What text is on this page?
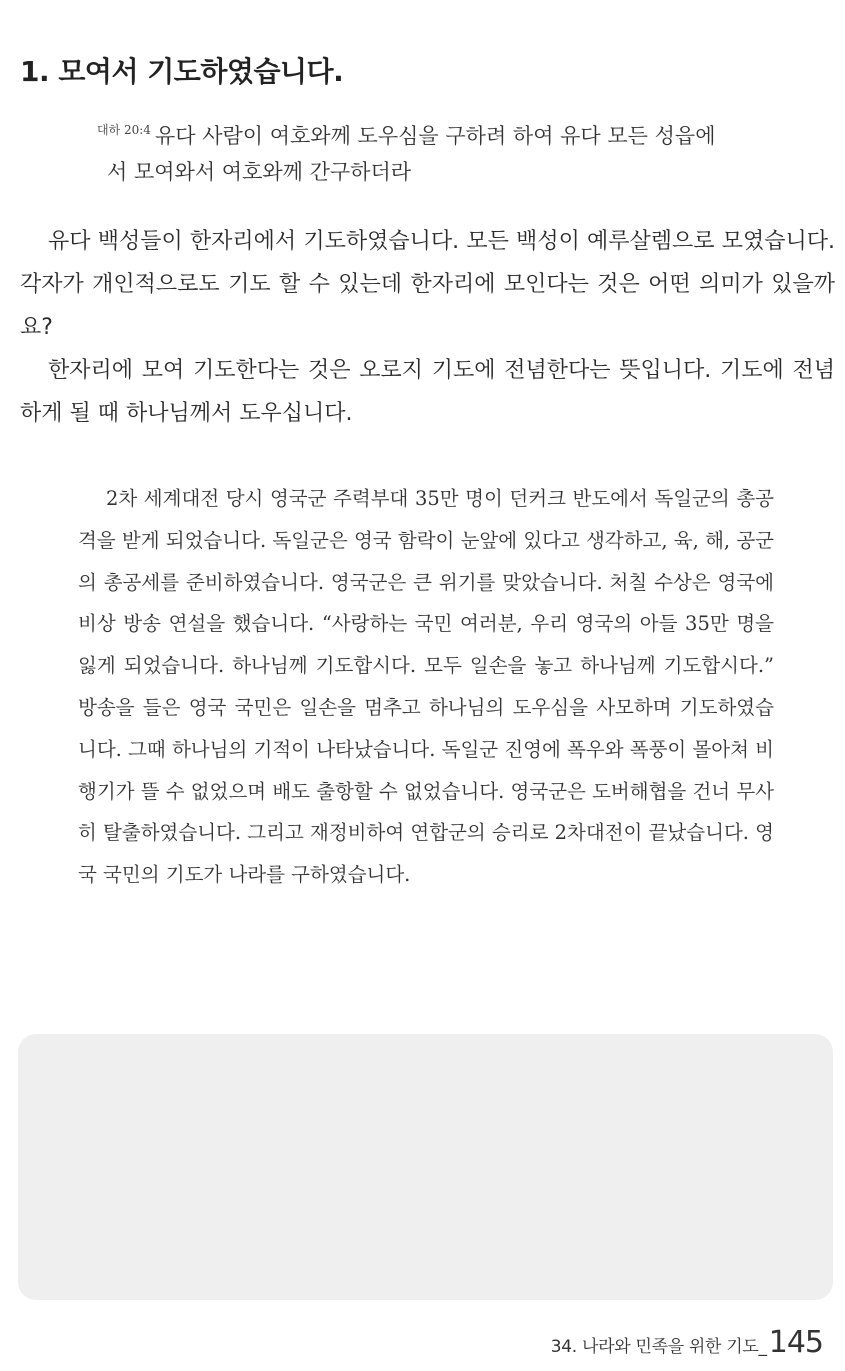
1. 모여서 기도하였습니다.
$^{대하 20:4}$ 유다 사람이 여호와께 도우심을 구하려 하여 유다 모든 성읍에
서 모여와서 여호와께 간구하더라

유다 백성들이 한자리에서 기도하였습니다. 모든 백성이 예루살렘으로 모였습니다. 각자가 개인적으로도 기도 할 수 있는데 한자리에 모인다는 것은 어떤 의미가 있을까요?

한자리에 모여 기도한다는 것은 오로지 기도에 전념한다는 뜻입니다. 기도에 전념하게 될 때 하나님께서 도우십니다.

2차 세계대전 당시 영국군 주력부대 35만 명이 던커크 반도에서 독일군의 총공격을 받게 되었습니다. 독일군은 영국 함락이 눈앞에 있다고 생각하고, 육, 해, 공군의 총공세를 준비하였습니다. 영국군은 큰 위기를 맞았습니다. 처칠 수상은 영국에 비상 방송 연설을 했습니다. “사랑하는 국민 여러분, 우리 영국의 아들 35만 명을 잃게 되었습니다. 하나님께 기도합시다. 모두 일손을 놓고 하나님께 기도합시다.” 방송을 들은 영국 국민은 일손을 멈추고 하나님의 도우심을 사모하며 기도하였습니다. 그때 하나님의 기적이 나타났습니다. 독일군 진영에 폭우와 폭풍이 몰아쳐 비행기가 뜰 수 없었으며 배도 출항할 수 없었습니다. 영국군은 도버해협을 건너 무사히 탈출하였습니다. 그리고 재정비하여 연합군의 승리로 2차대전이 끝났습니다. 영국 국민의 기도가 나라를 구하였습니다.

34. 나라와 민족을 위한 기도_145
